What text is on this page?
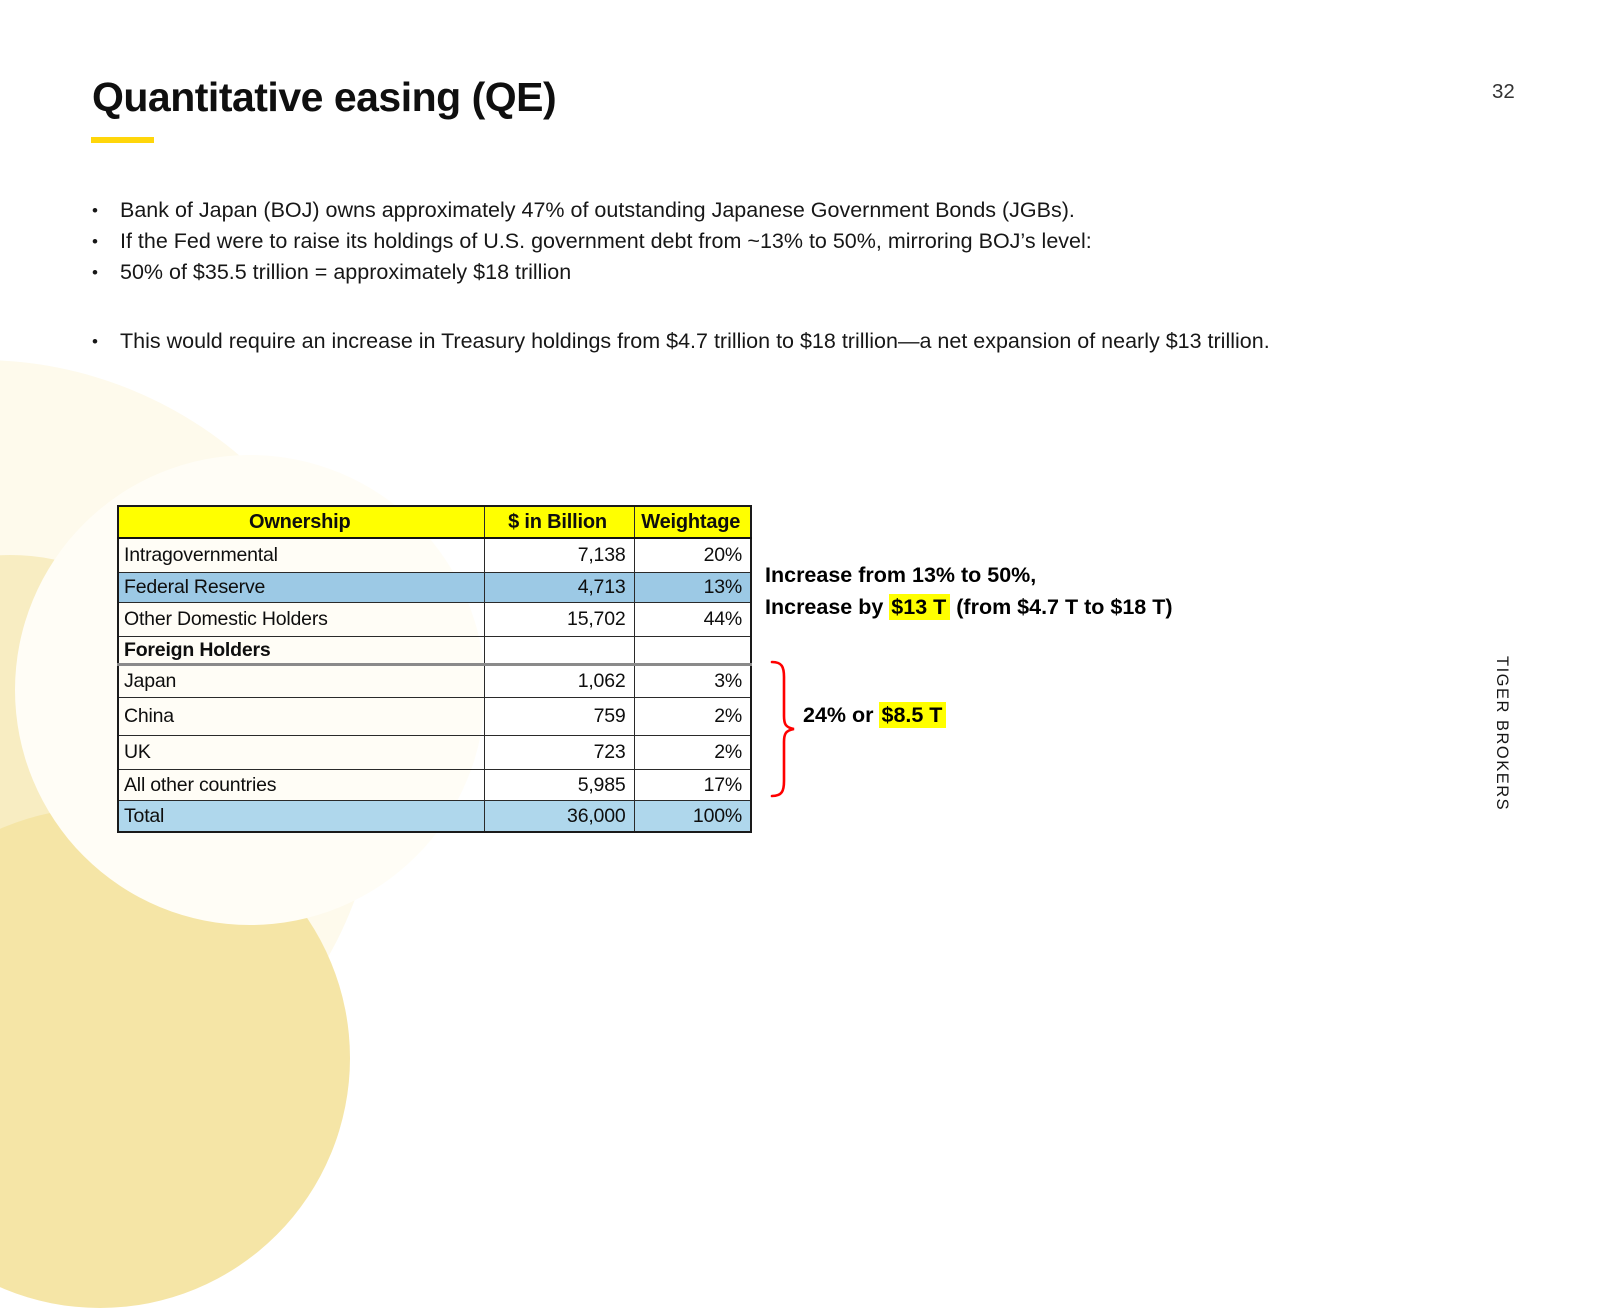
32
Quantitative easing (QE)
•	Bank of Japan (BOJ) owns approximately 47% of outstanding Japanese Government Bonds (JGBs).
•	If the Fed were to raise its holdings of U.S. government debt from ~13% to 50%, mirroring BOJ’s level:
•	50% of $35.5 trillion = approximately $18 trillion
•	This would require an increase in Treasury holdings from $4.7 trillion to $18 trillion—a net expansion of nearly $13 trillion.
Ownership	$ in Billion	Weightage
Intragovernmental	7,138	20%
Federal Reserve	4,713	13%
Other Domestic Holders	15,702	44%
Foreign Holders		
Japan	1,062	3%
China	759	2%
UK	723	2%
All other countries	5,985	17%
Total	36,000	100%
Increase from 13% to 50%,
Increase by $13 T (from $4.7 T to $18 T)
24% or $8.5 T	TIGER BROKERS
